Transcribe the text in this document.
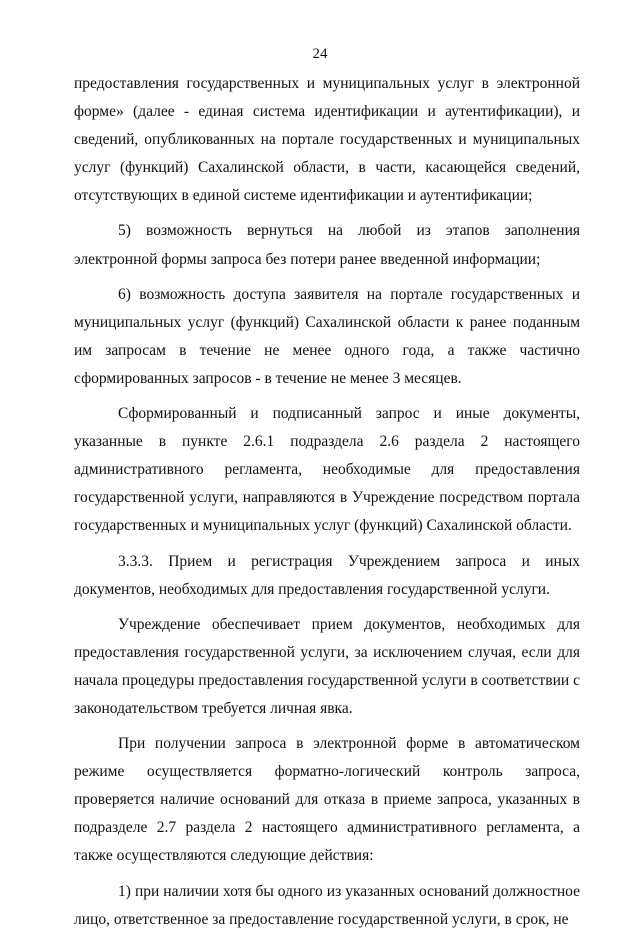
24

предоставления государственных и муниципальных услуг в электронной форме» (далее - единая система идентификации и аутентификации), и сведений, опубликованных на портале государственных и муниципальных услуг (функций) Сахалинской области, в части, касающейся сведений, отсутствующих в единой системе идентификации и аутентификации;

5) возможность вернуться на любой из этапов заполнения электронной формы запроса без потери ранее введенной информации;

6) возможность доступа заявителя на портале государственных и муниципальных услуг (функций) Сахалинской области к ранее поданным им запросам в течение не менее одного года, а также частично сформированных запросов - в течение не менее 3 месяцев.

Сформированный и подписанный запрос и иные документы, указанные в пункте 2.6.1 подраздела 2.6 раздела 2 настоящего административного регламента, необходимые для предоставления государственной услуги, направляются в Учреждение посредством портала государственных и муниципальных услуг (функций) Сахалинской области.

3.3.3. Прием и регистрация Учреждением запроса и иных документов, необходимых для предоставления государственной услуги.

Учреждение обеспечивает прием документов, необходимых для предоставления государственной услуги, за исключением случая, если для начала процедуры предоставления государственной услуги в соответствии с законодательством требуется личная явка.

При получении запроса в электронной форме в автоматическом режиме осуществляется форматно-логический контроль запроса, проверяется наличие оснований для отказа в приеме запроса, указанных в подразделе 2.7 раздела 2 настоящего административного регламента, а также осуществляются следующие действия:

1) при наличии хотя бы одного из указанных оснований должностное лицо, ответственное за предоставление государственной услуги, в срок, не
